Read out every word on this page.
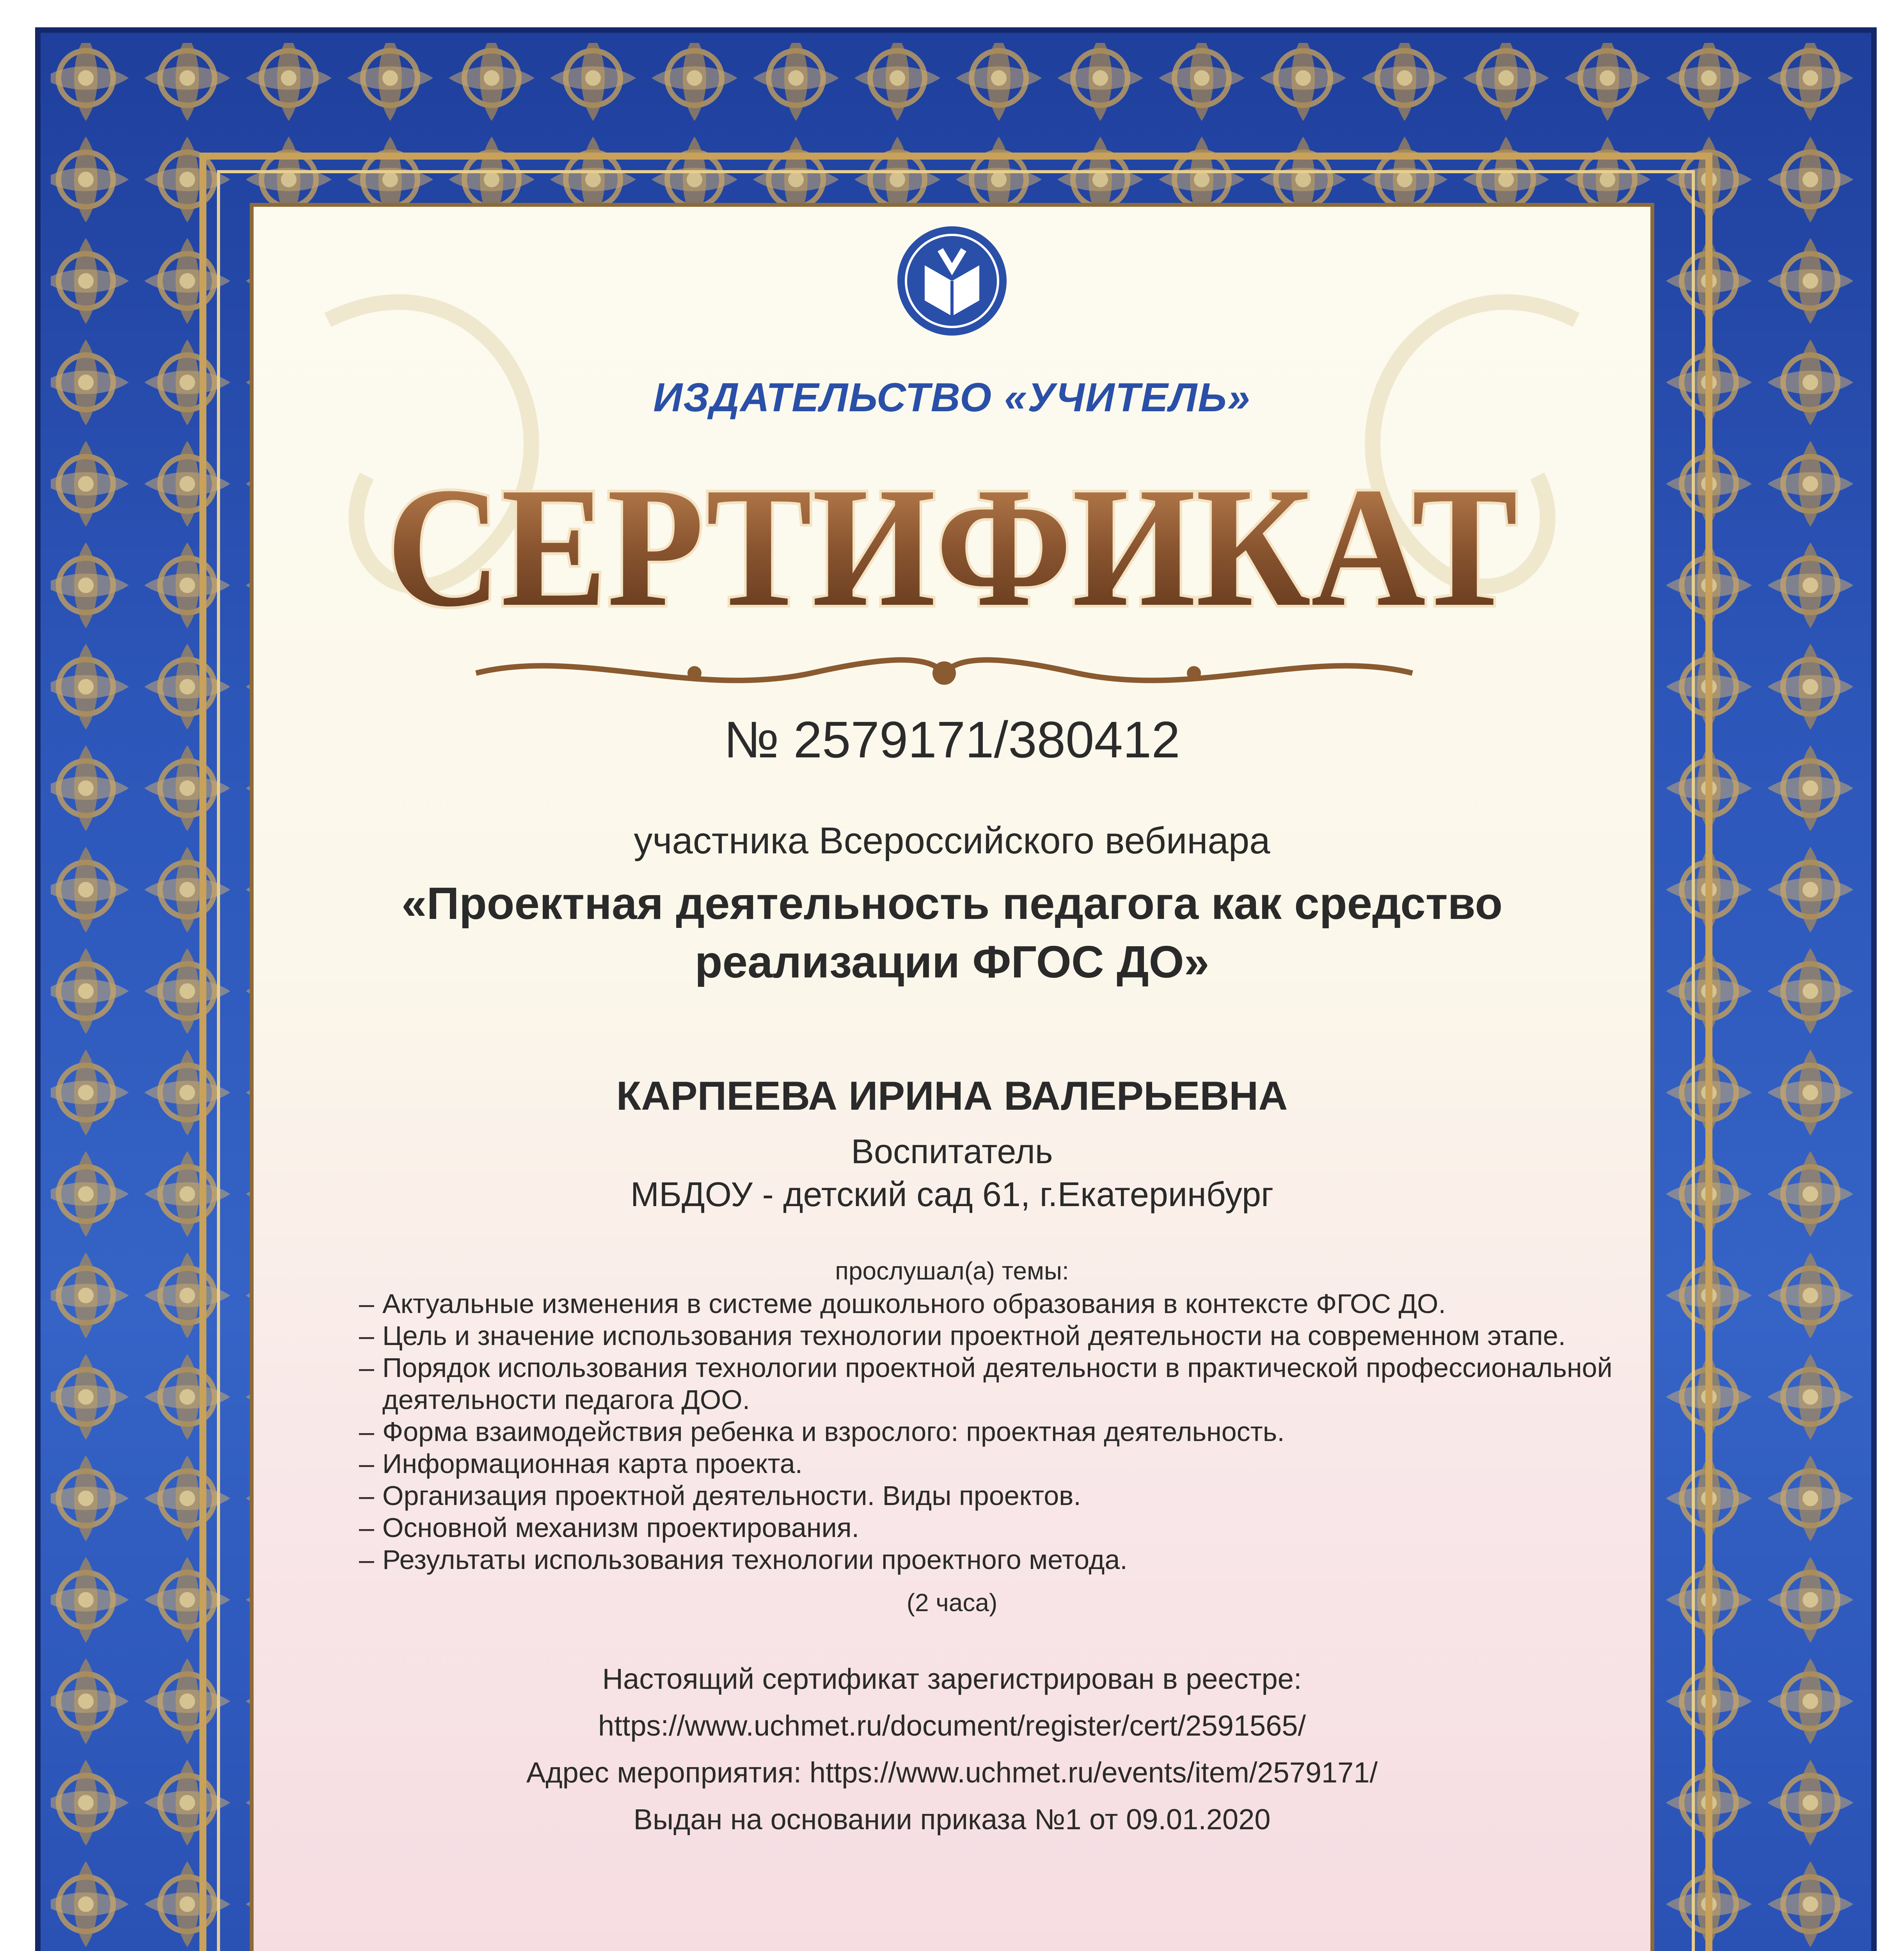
ИЗДАТЕЛЬСТВО «УЧИТЕЛЬ»
СЕРТИФИКАТ
№ 2579171/380412
участника Всероссийского вебинара
«Проектная деятельность педагога как средство
реализации ФГОС ДО»
КАРПЕЕВА ИРИНА ВАЛЕРЬЕВНА
Воспитатель
МБДОУ - детский сад 61, г.Екатеринбург
прослушал(а) темы:
– Актуальные изменения в системе дошкольного образования в контексте ФГОС ДО.
– Цель и значение использования технологии проектной деятельности на современном этапе.
– Порядок использования технологии проектной деятельности в практической профессиональной деятельности педагога ДОО.
– Форма взаимодействия ребенка и взрослого: проектная деятельность.
– Информационная карта проекта.
– Организация проектной деятельности. Виды проектов.
– Основной механизм проектирования.
– Результаты использования технологии проектного метода.
(2 часа)
Настоящий сертификат зарегистрирован в реестре:
https://www.uchmet.ru/document/register/cert/2591565/
Адрес мероприятия: https://www.uchmet.ru/events/item/2579171/
Выдан на основании приказа №1 от 09.01.2020
